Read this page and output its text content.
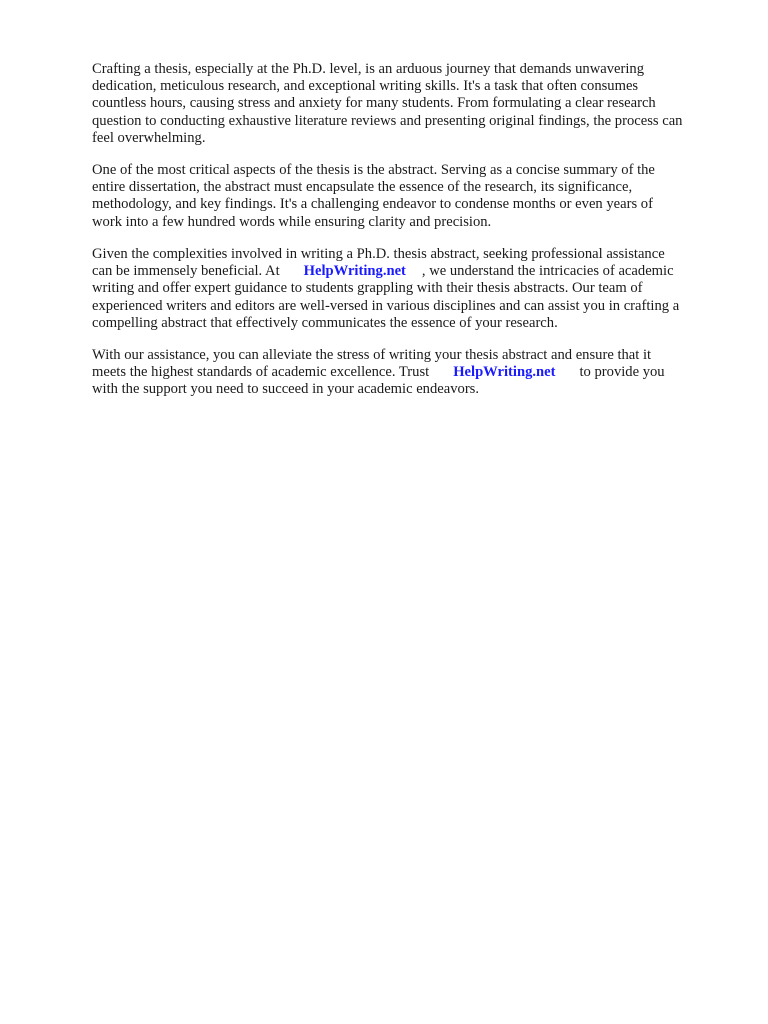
Crafting a thesis, especially at the Ph.D. level, is an arduous journey that demands unwavering
dedication, meticulous research, and exceptional writing skills. It's a task that often consumes
countless hours, causing stress and anxiety for many students. From formulating a clear research
question to conducting exhaustive literature reviews and presenting original findings, the process can
feel overwhelming.

One of the most critical aspects of the thesis is the abstract. Serving as a concise summary of the
entire dissertation, the abstract must encapsulate the essence of the research, its significance,
methodology, and key findings. It's a challenging endeavor to condense months or even years of
work into a few hundred words while ensuring clarity and precision.

Given the complexities involved in writing a Ph.D. thesis abstract, seeking professional assistance
can be immensely beneficial. At HelpWriting.net , we understand the intricacies of academic
writing and offer expert guidance to students grappling with their thesis abstracts. Our team of
experienced writers and editors are well-versed in various disciplines and can assist you in crafting a
compelling abstract that effectively communicates the essence of your research.

With our assistance, you can alleviate the stress of writing your thesis abstract and ensure that it
meets the highest standards of academic excellence. Trust HelpWriting.net to provide you
with the support you need to succeed in your academic endeavors.
